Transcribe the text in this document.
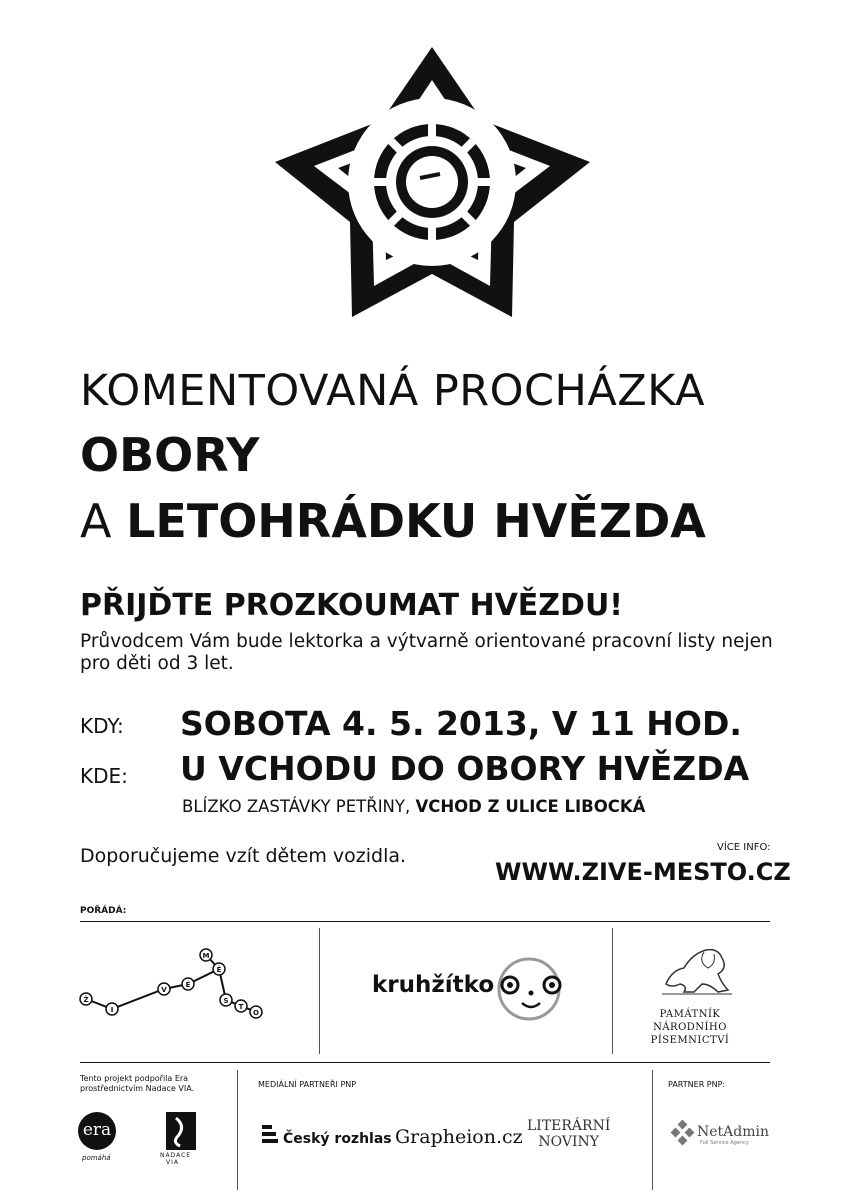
KOMENTOVANÁ PROCHÁZKA
OBORY
A LETOHRÁDKU HVĚZDA
PŘIJĎTE PROZKOUMAT HVĚZDU!
Průvodcem Vám bude lektorka a výtvarně orientované pracovní listy nejen pro děti od 3 let.
KDY: SOBOTA 4. 5. 2013, V 11 HOD.
KDE: U VCHODU DO OBORY HVĚZDA
BLÍZKO ZASTÁVKY PETŘINY, VCHOD Z ULICE LIBOCKÁ
Doporučujeme vzít dětem vozidla.	VÍCE INFO:
WWW.ZIVE-MESTO.CZ
POŘÁDÁ:
Ž
I
V
É
M
Ě
S
T
O
kruhžítko
PAMÁTNÍK
NÁRODNÍHO
PÍSEMNICTVÍ
Tento projekt podpořila Era
prostřednictvím Nadace VIA.
era
pomáhá	NADACE
VIA
MEDIÁLNÍ PARTNEŘI PNP
Český rozhlas Grapheion.cz LITERÁRNÍ
NOVINY
PARTNER PNP:
NetAdmin
Full Service Agency
